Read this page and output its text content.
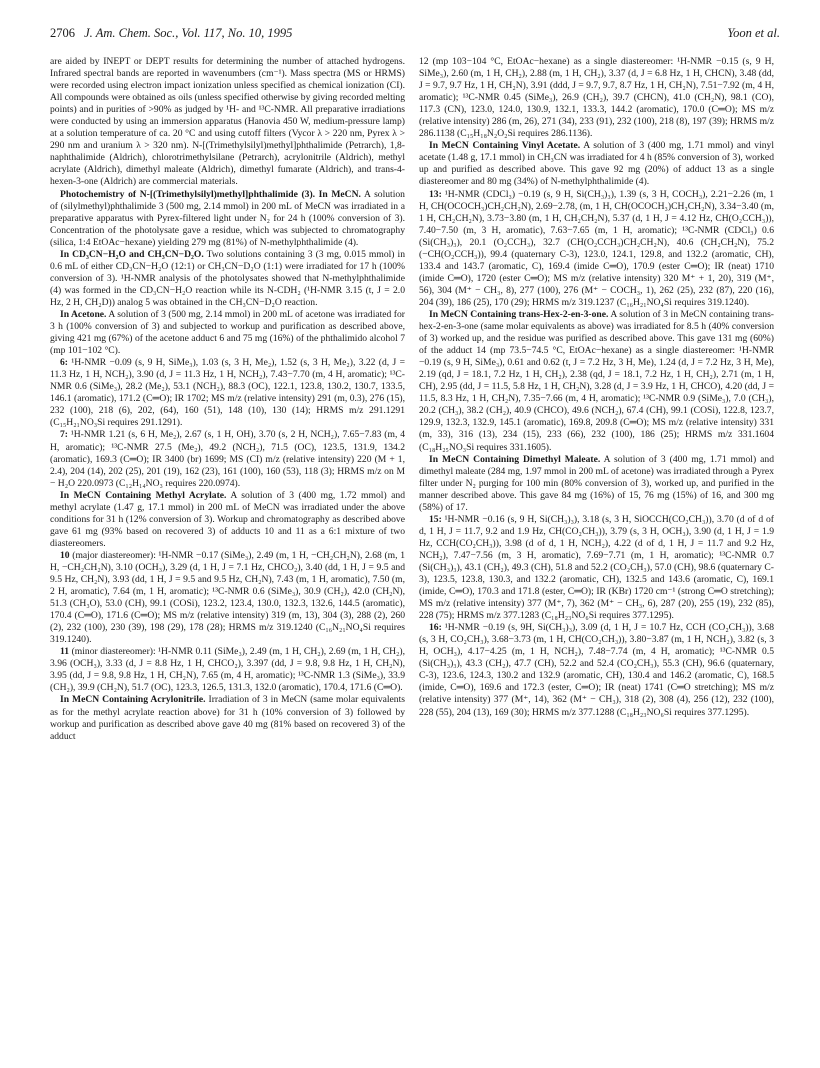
2706 J. Am. Chem. Soc., Vol. 117, No. 10, 1995	Yoon et al.

are aided by INEPT or DEPT results for determining the number of attached hydrogens. Infrared spectral bands are reported in wavenumbers (cm⁻¹). Mass spectra (MS or HRMS) were recorded using electron impact ionization unless specified as chemical ionization (CI). All compounds were obtained as oils (unless specified otherwise by giving recorded melting points) and in purities of >90% as judged by ¹H- and ¹³C-NMR. All preparative irradiations were conducted by using an immersion apparatus (Hanovia 450 W, medium-pressure lamp) at a solution temperature of ca. 20 °C and using cutoff filters (Vycor λ > 220 nm, Pyrex λ > 290 nm and uranium λ > 320 nm). N-[(Trimethylsilyl)methyl]phthalimide (Petrarch), 1,8-naphthalimide (Aldrich), chlorotrimethylsilane (Petrarch), acrylonitrile (Aldrich), methyl acrylate (Aldrich), dimethyl maleate (Aldrich), dimethyl fumarate (Aldrich), and trans-4-hexen-3-one (Aldrich) are commercial materials.

Photochemistry of N-[(Trimethylsilyl)methyl]phthalimide (3). In MeCN. A solution of (silylmethyl)phthalimide 3 (500 mg, 2.14 mmol) in 200 mL of MeCN was irradiated in a preparative apparatus with Pyrex-filtered light under N₂ for 24 h (100% conversion of 3). Concentration of the photolysate gave a residue, which was subjected to chromatography (silica, 1:4 EtOAc−hexane) yielding 279 mg (81%) of N-methylphthalimide (4).

In CD₃CN−H₂O and CH₃CN−D₂O. Two solutions containing 3 (3 mg, 0.015 mmol) in 0.6 mL of either CD₃CN−H₂O (12:1) or CH₃CN−D₂O (1:1) were irradiated for 17 h (100% conversion of 3). ¹H-NMR analysis of the photolysates showed that N-methylphthalimide (4) was formed in the CD₃CN−H₂O reaction while its N-CDH₂ (¹H-NMR 3.15 (t, J = 2.0 Hz, 2 H, CH₂D)) analog 5 was obtained in the CH₃CN−D₂O reaction.

In Acetone. A solution of 3 (500 mg, 2.14 mmol) in 200 mL of acetone was irradiated for 3 h (100% conversion of 3) and subjected to workup and purification as described above, giving 421 mg (67%) of the acetone adduct 6 and 75 mg (16%) of the phthalimido alcohol 7 (mp 101−102 °C).

6: ¹H-NMR −0.09 (s, 9 H, SiMe₃), 1.03 (s, 3 H, Me₂), 1.52 (s, 3 H, Me₂), 3.22 (d, J = 11.3 Hz, 1 H, NCH₂), 3.90 (d, J = 11.3 Hz, 1 H, NCH₂), 7.43−7.70 (m, 4 H, aromatic); ¹³C-NMR 0.6 (SiMe₃), 28.2 (Me₂), 53.1 (NCH₂), 88.3 (OC), 122.1, 123.8, 130.2, 130.7, 133.5, 146.1 (aromatic), 171.2 (C═O); IR 1702; MS m/z (relative intensity) 291 (m, 0.3), 276 (15), 232 (100), 218 (6), 202, (64), 160 (51), 148 (10), 130 (14); HRMS m/z 291.1291 (C₁₅H₂₁NO₃Si requires 291.1291).

7: ¹H-NMR 1.21 (s, 6 H, Me₂), 2.67 (s, 1 H, OH), 3.70 (s, 2 H, NCH₂), 7.65−7.83 (m, 4 H, aromatic); ¹³C-NMR 27.5 (Me₂), 49.2 (NCH₂), 71.5 (OC), 123.5, 131.9, 134.2 (aromatic), 169.3 (C═O); IR 3400 (br) 1699; MS (CI) m/z (relative intensity) 220 (M + 1, 2.4), 204 (14), 202 (25), 201 (19), 162 (23), 161 (100), 160 (53), 118 (3); HRMS m/z on M − H₂O 220.0973 (C₁₂H₁₄NO₃ requires 220.0974).

In MeCN Containing Methyl Acrylate. A solution of 3 (400 mg, 1.72 mmol) and methyl acrylate (1.47 g, 17.1 mmol) in 200 mL of MeCN was irradiated under the above conditions for 31 h (12% conversion of 3). Workup and chromatography as described above gave 61 mg (93% based on recovered 3) of adducts 10 and 11 as a 6:1 mixture of two diastereomers.

10 (major diastereomer): ¹H-NMR −0.17 (SiMe₃), 2.49 (m, 1 H, −CH₂CH₂N), 2.68 (m, 1 H, −CH₂CH₂N), 3.10 (OCH₃), 3.29 (d, 1 H, J = 7.1 Hz, CHCO₂), 3.40 (dd, 1 H, J = 9.5 and 9.5 Hz, CH₂N), 3.93 (dd, 1 H, J = 9.5 and 9.5 Hz, CH₂N), 7.43 (m, 1 H, aromatic), 7.50 (m, 2 H, aromatic), 7.64 (m, 1 H, aromatic); ¹³C-NMR 0.6 (SiMe₃), 30.9 (CH₂), 42.0 (CH₂N), 51.3 (CH₃O), 53.0 (CH), 99.1 (COSi), 123.2, 123.4, 130.0, 132.3, 132.6, 144.5 (aromatic), 170.4 (C═O), 171.6 (C═O); MS m/z (relative intensity) 319 (m, 13), 304 (3), 288 (2), 260 (2), 232 (100), 230 (39), 198 (29), 178 (28); HRMS m/z 319.1240 (C₁₆N₂₁NO₄Si requires 319.1240).

11 (minor diastereomer): ¹H-NMR 0.11 (SiMe₃), 2.49 (m, 1 H, CH₂), 2.69 (m, 1 H, CH₂), 3.96 (OCH₃), 3.33 (d, J = 8.8 Hz, 1 H, CHCO₂), 3.397 (dd, J = 9.8, 9.8 Hz, 1 H, CH₂N), 3.95 (dd, J = 9.8, 9.8 Hz, 1 H, CH₂N), 7.65 (m, 4 H, aromatic); ¹³C-NMR 1.3 (SiMe₃), 33.9 (CH₂), 39.9 (CH₂N), 51.7 (OC), 123.3, 126.5, 131.3, 132.0 (aromatic), 170.4, 171.6 (C═O).

In MeCN Containing Acrylonitrile. Irradiation of 3 in MeCN (same molar equivalents as for the methyl acrylate reaction above) for 31 h (10% conversion of 3) followed by workup and purification as described above gave 40 mg (81% based on recovered 3) of the adduct

12 (mp 103−104 °C, EtOAc−hexane) as a single diastereomer: ¹H-NMR −0.15 (s, 9 H, SiMe₃), 2.60 (m, 1 H, CH₂), 2.88 (m, 1 H, CH₂), 3.37 (d, J = 6.8 Hz, 1 H, CHCN), 3.48 (dd, J = 9.7, 9.7 Hz, 1 H, CH₂N), 3.91 (ddd, J = 9.7, 9.7, 8.7 Hz, 1 H, CH₂N), 7.51−7.92 (m, 4 H, aromatic); ¹³C-NMR 0.45 (SiMe₃), 26.9 (CH₂), 39.7 (CHCN), 41.0 (CH₂N), 98.1 (CO), 117.3 (CN), 123.0, 124.0, 130.9, 132.1, 133.3, 144.2 (aromatic), 170.0 (C═O); MS m/z (relative intensity) 286 (m, 26), 271 (34), 233 (91), 232 (100), 218 (8), 197 (39); HRMS m/z 286.1138 (C₁₅H₁₈N₂O₂Si requires 286.1136).

In MeCN Containing Vinyl Acetate. A solution of 3 (400 mg, 1.71 mmol) and vinyl acetate (1.48 g, 17.1 mmol) in CH₃CN was irradiated for 4 h (85% conversion of 3), worked up and purified as described above. This gave 92 mg (20%) of adduct 13 as a single diastereomer and 80 mg (34%) of N-methylphthalimide (4).

13: ¹H-NMR (CDCl₃) −0.19 (s, 9 H, Si(CH₃)₃), 1.39 (s, 3 H, COCH₃), 2.21−2.26 (m, 1 H, CH(OCOCH₃)CH₂CH₂N), 2.69−2.78, (m, 1 H, CH(OCOCH₃)CH₂CH₂N), 3.34−3.40 (m, 1 H, CH₂CH₂N), 3.73−3.80 (m, 1 H, CH₂CH₂N), 5.37 (d, 1 H, J = 4.12 Hz, CH(O₂CCH₃)), 7.40−7.50 (m, 3 H, aromatic), 7.63−7.65 (m, 1 H, aromatic); ¹³C-NMR (CDCl₃) 0.6 (Si(CH₃)₃), 20.1 (O₂CCH₃), 32.7 (CH(O₂CCH₃)CH₂CH₂N), 40.6 (CH₂CH₂N), 75.2 (−CH(O₂CCH₃)), 99.4 (quaternary C-3), 123.0, 124.1, 129.8, and 132.2 (aromatic, CH), 133.4 and 143.7 (aromatic, C), 169.4 (imide C═O), 170.9 (ester C═O); IR (neat) 1710 (imide C═O), 1720 (ester C═O); MS m/z (relative intensity) 320 M⁺ + 1, 20), 319 (M⁺, 56), 304 (M⁺ − CH₃, 8), 277 (100), 276 (M⁺ − COCH₃, 1), 262 (25), 232 (87), 220 (16), 204 (39), 186 (25), 170 (29); HRMS m/z 319.1237 (C₁₆H₂₁NO₄Si requires 319.1240).

In MeCN Containing trans-Hex-2-en-3-one. A solution of 3 in MeCN containing trans-hex-2-en-3-one (same molar equivalents as above) was irradiated for 8.5 h (40% conversion of 3) worked up, and the residue was purified as described above. This gave 131 mg (60%) of the adduct 14 (mp 73.5−74.5 °C, EtOAc−hexane) as a single diastereomer: ¹H-NMR −0.19 (s, 9 H, SiMe₃), 0.61 and 0.62 (t, J = 7.2 Hz, 3 H, Me), 1.24 (d, J = 7.2 Hz, 3 H, Me), 2.19 (qd, J = 18.1, 7.2 Hz, 1 H, CH₂), 2.38 (qd, J = 18.1, 7.2 Hz, 1 H, CH₂), 2.71 (m, 1 H, CH), 2.95 (dd, J = 11.5, 5.8 Hz, 1 H, CH₂N), 3.28 (d, J = 3.9 Hz, 1 H, CHCO), 4.20 (dd, J = 11.5, 8.3 Hz, 1 H, CH₂N), 7.35−7.66 (m, 4 H, aromatic); ¹³C-NMR 0.9 (SiMe₃), 7.0 (CH₃), 20.2 (CH₃), 38.2 (CH₂), 40.9 (CHCO), 49.6 (NCH₂), 67.4 (CH), 99.1 (COSi), 122.8, 123.7, 129.9, 132.3, 132.9, 145.1 (aromatic), 169.8, 209.8 (C═O); MS m/z (relative intensity) 331 (m, 33), 316 (13), 234 (15), 233 (66), 232 (100), 186 (25); HRMS m/z 331.1604 (C₁₈H₂₅NO₃Si requires 331.1605).

In MeCN Containing Dimethyl Maleate. A solution of 3 (400 mg, 1.71 mmol) and dimethyl maleate (284 mg, 1.97 mmol in 200 mL of acetone) was irradiated through a Pyrex filter under N₂ purging for 100 min (80% conversion of 3), worked up, and purified in the manner described above. This gave 84 mg (16%) of 15, 76 mg (15%) of 16, and 300 mg (58%) of 17.

15: ¹H-NMR −0.16 (s, 9 H, Si(CH₃)₃), 3.18 (s, 3 H, SiOCCH(CO₂CH₃)), 3.70 (d of d of d, 1 H, J = 11.7, 9.2 and 1.9 Hz, CH(CO₂CH₃)), 3.79 (s, 3 H, OCH₃), 3.90 (d, 1 H, J = 1.9 Hz, CCH(CO₂CH₃)), 3.98 (d of d, 1 H, NCH₂), 4.22 (d of d, 1 H, J = 11.7 and 9.2 Hz, NCH₂), 7.47−7.56 (m, 3 H, aromatic), 7.69−7.71 (m, 1 H, aromatic); ¹³C-NMR 0.7 (Si(CH₃)₃), 43.1 (CH₂), 49.3 (CH), 51.8 and 52.2 (CO₂CH₃), 57.0 (CH), 98.6 (quaternary C-3), 123.5, 123.8, 130.3, and 132.2 (aromatic, CH), 132.5 and 143.6 (aromatic, C), 169.1 (imide, C═O), 170.3 and 171.8 (ester, C═O); IR (KBr) 1720 cm⁻¹ (strong C═O stretching); MS m/z (relative intensity) 377 (M⁺, 7), 362 (M⁺ − CH₃, 6), 287 (20), 255 (19), 232 (85), 228 (75); HRMS m/z 377.1283 (C₁₈H₂₃NO₆Si requires 377.1295).

16: ¹H-NMR −0.19 (s, 9H, Si(CH₃)₃), 3.09 (d, 1 H, J = 10.7 Hz, CCH (CO₂CH₃)), 3.68 (s, 3 H, CO₂CH₃), 3.68−3.73 (m, 1 H, CH(CO₂CH₃)), 3.80−3.87 (m, 1 H, NCH₂), 3.82 (s, 3 H, OCH₃), 4.17−4.25 (m, 1 H, NCH₂), 7.48−7.74 (m, 4 H, aromatic); ¹³C-NMR 0.5 (Si(CH₃)₃), 43.3 (CH₂), 47.7 (CH), 52.2 and 52.4 (CO₂CH₃), 55.3 (CH), 96.6 (quaternary, C-3), 123.6, 124.3, 130.2 and 132.9 (aromatic, CH), 130.4 and 146.2 (aromatic, C), 168.5 (imide, C═O), 169.6 and 172.3 (ester, C═O); IR (neat) 1741 (C═O stretching); MS m/z (relative intensity) 377 (M⁺, 14), 362 (M⁺ − CH₃), 318 (2), 308 (4), 256 (12), 232 (100), 228 (55), 204 (13), 169 (30); HRMS m/z 377.1288 (C₁₈H₂₃NO₆Si requires 377.1295).
